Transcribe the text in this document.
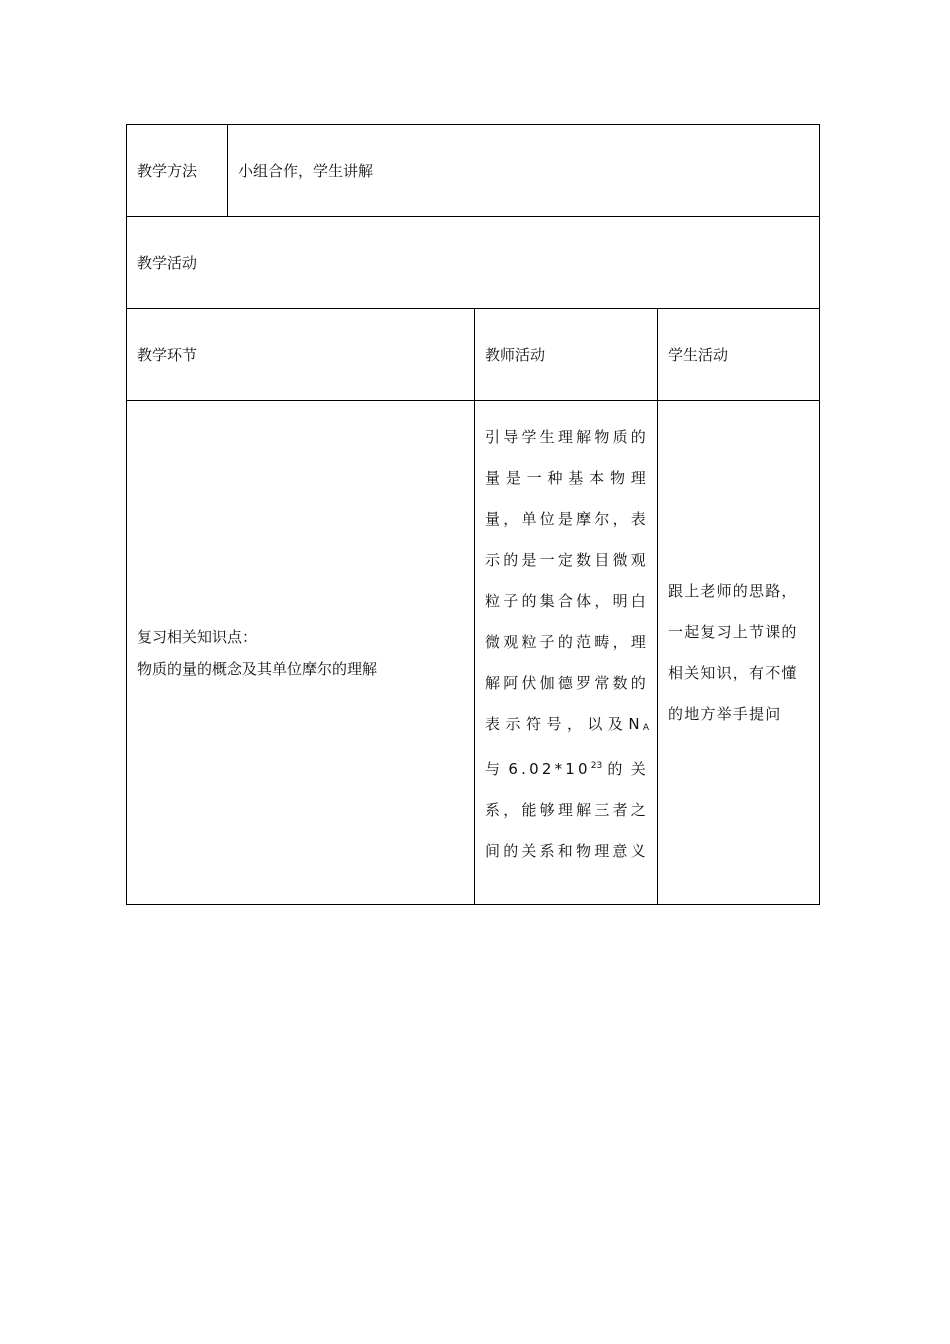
教学方法	小组合作，学生讲解		
教学活动			
教学环节		教师活动	学生活动

复习相关知识点：
物质的量的概念及其单位摩尔的理解		引导学生理解物质的量是一种基本物理量，单位是摩尔，表示的是一定数目微观粒子的集合体，明白微观粒子的范畴，理解阿伏伽德罗常数的表示符号，以及$N_A$与$6.02*10^{23}$的关系，能够理解三者之间的关系和物理意义	跟上老师的思路，一起复习上节课的相关知识，有不懂的地方举手提问
